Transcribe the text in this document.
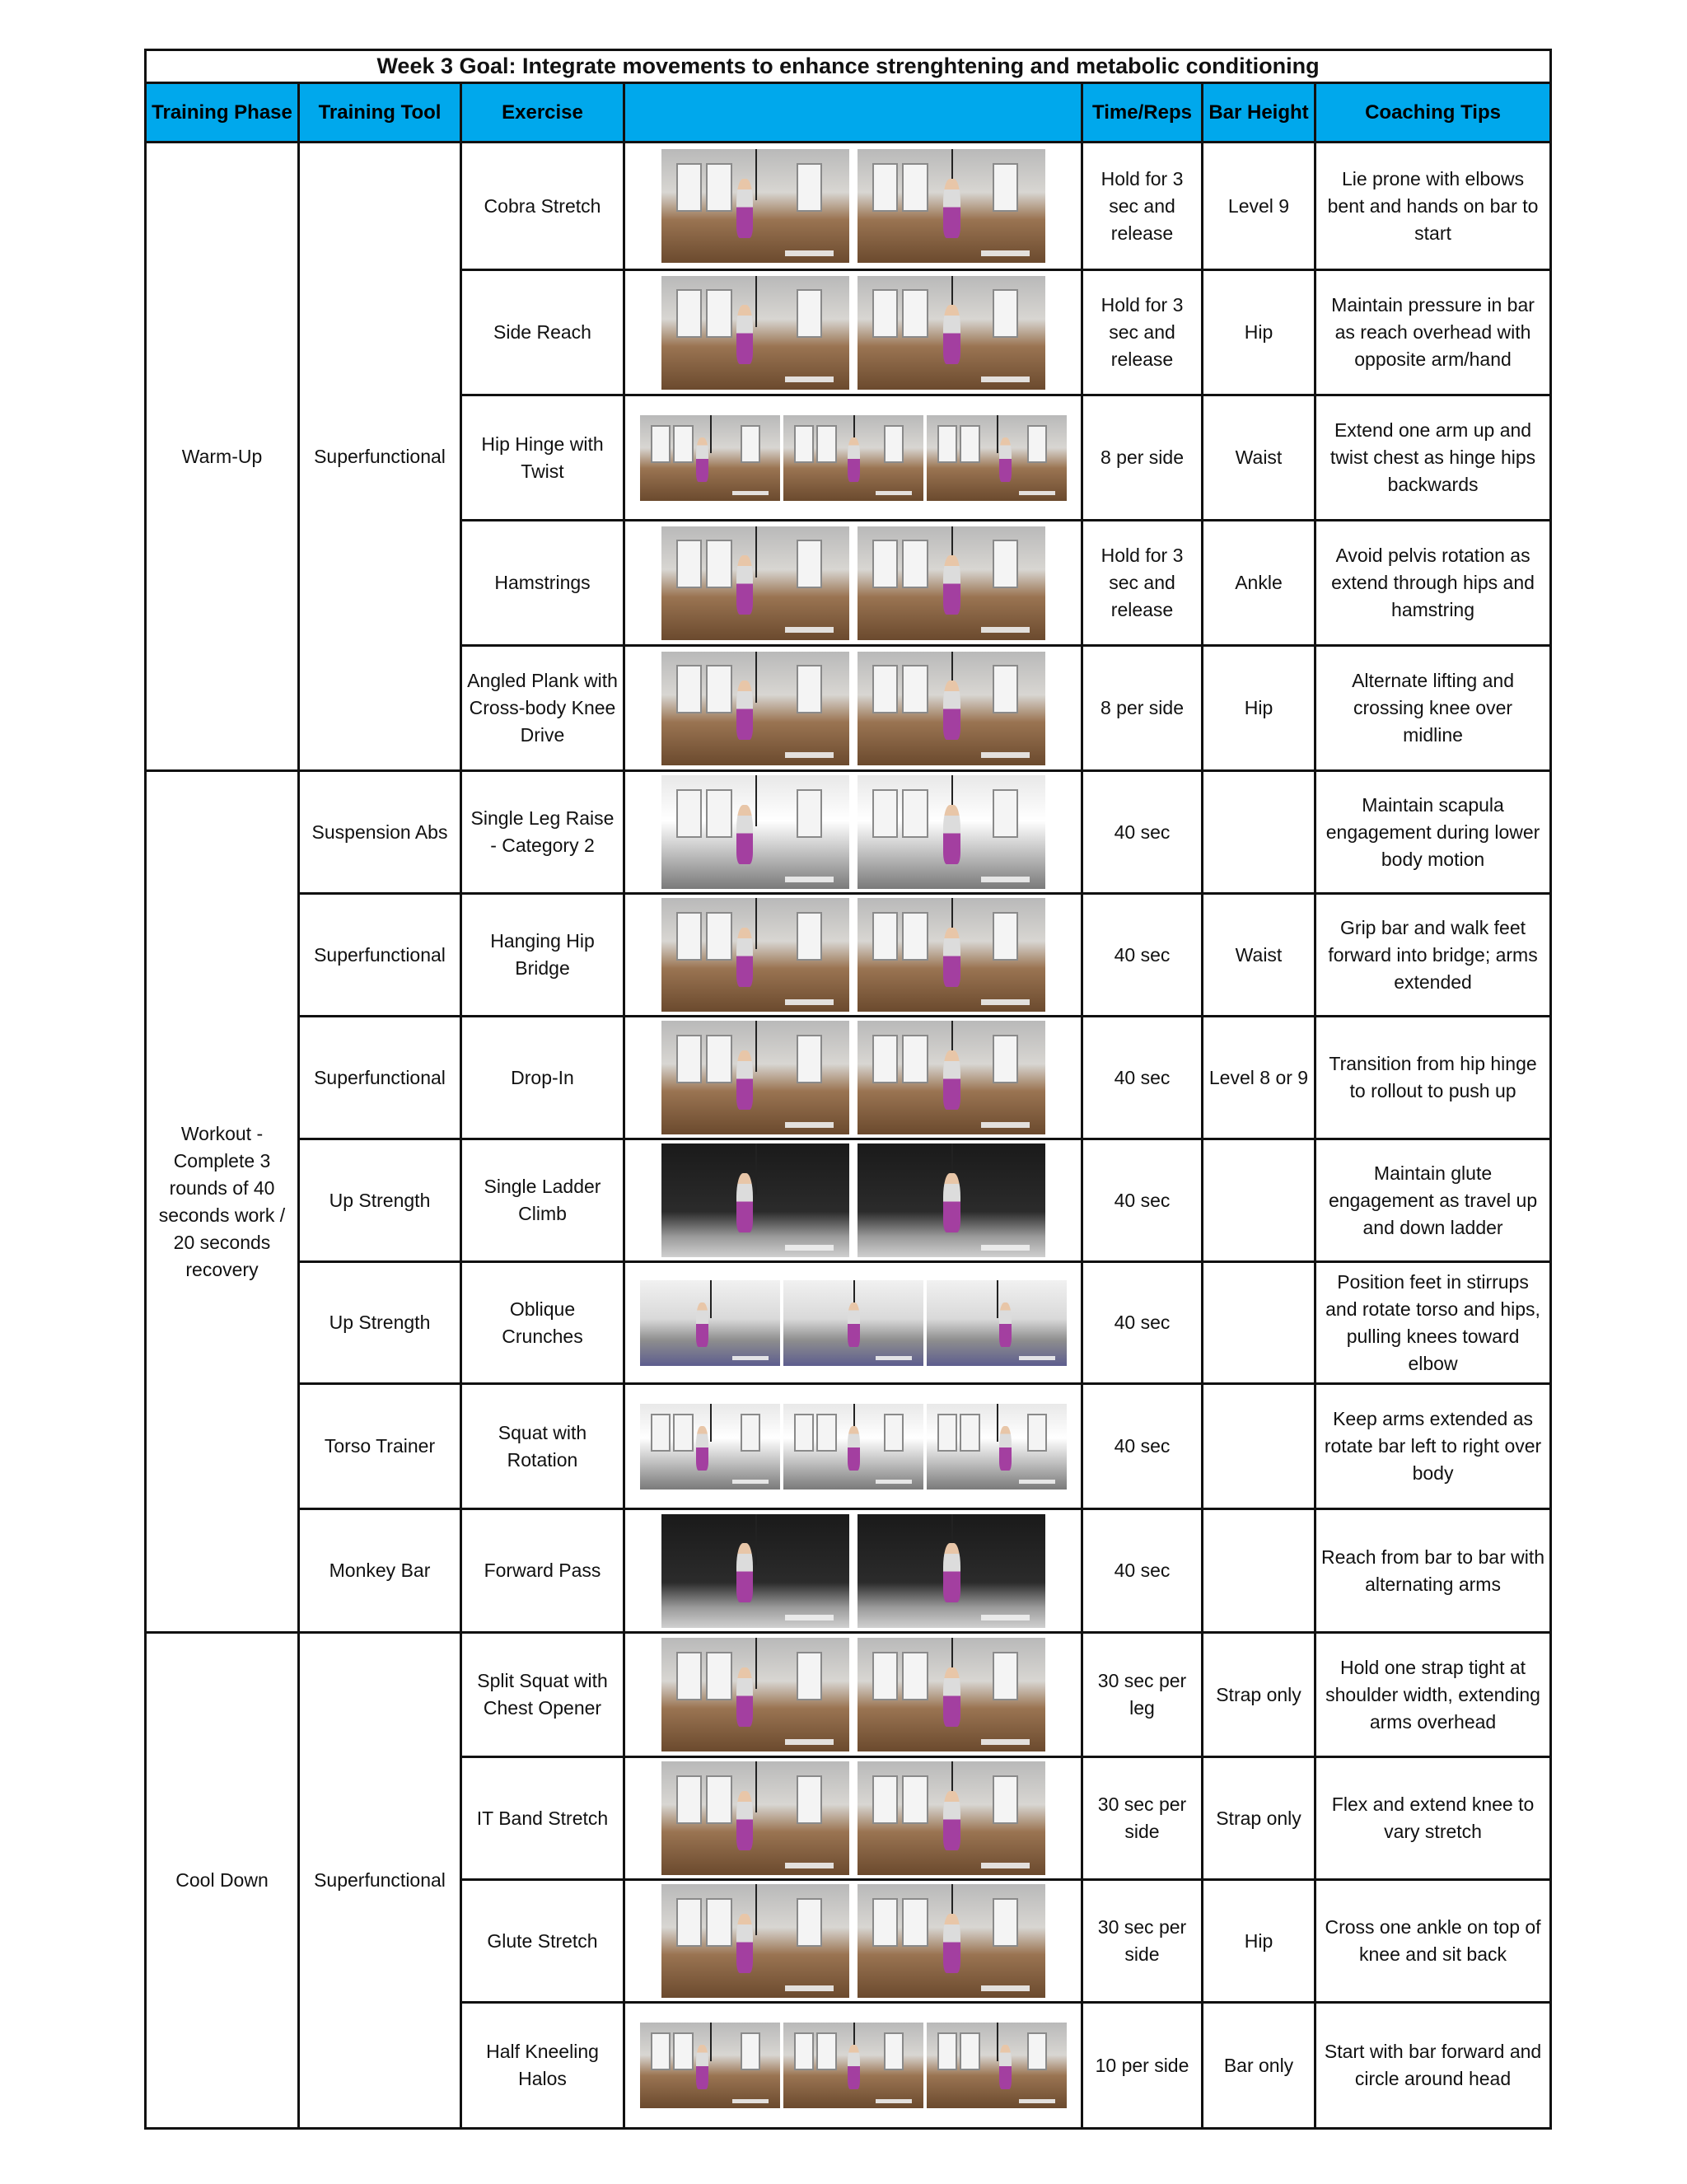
Week 3 Goal: Integrate movements to enhance strenghtening and metabolic conditioning						
Training Phase	Training Tool	Exercise		Time/Reps	Bar Height	Coaching Tips
Warm-Up	Superfunctional	Cobra Stretch		Hold for 3 sec and release	Level 9	Lie prone with elbows bent and hands on bar to start
		Side Reach		Hold for 3 sec and release	Hip	Maintain pressure in bar as reach overhead with opposite arm/hand
		Hip Hinge with Twist		8 per side	Waist	Extend one arm up and twist chest as hinge hips backwards
		Hamstrings		Hold for 3 sec and release	Ankle	Avoid pelvis rotation as extend through hips and hamstring
		Angled Plank with Cross-body Knee Drive		8 per side	Hip	Alternate lifting and crossing knee over midline
Workout - Complete 3 rounds of 40 seconds work / 20 seconds recovery	Suspension Abs	Single Leg Raise - Category 2		40 sec		Maintain scapula engagement during lower body motion
	Superfunctional	Hanging Hip Bridge		40 sec	Waist	Grip bar and walk feet forward into bridge; arms extended
	Superfunctional	Drop-In		40 sec	Level 8 or 9	Transition from hip hinge to rollout to push up
	Up Strength	Single Ladder Climb		40 sec		Maintain glute engagement as travel up and down ladder
	Up Strength	Oblique Crunches		40 sec		Position feet in stirrups and rotate torso and hips, pulling knees toward elbow
	Torso Trainer	Squat with Rotation		40 sec		Keep arms extended as rotate bar left to right over body
	Monkey Bar	Forward Pass		40 sec		Reach from bar to bar with alternating arms
Cool Down	Superfunctional	Split Squat with Chest Opener		30 sec per leg	Strap only	Hold one strap tight at shoulder width, extending arms overhead
		IT Band Stretch		30 sec per side	Strap only	Flex and extend knee to vary stretch
		Glute Stretch		30 sec per side	Hip	Cross one ankle on top of knee and sit back
		Half Kneeling Halos		10 per side	Bar only	Start with bar forward and circle around head
